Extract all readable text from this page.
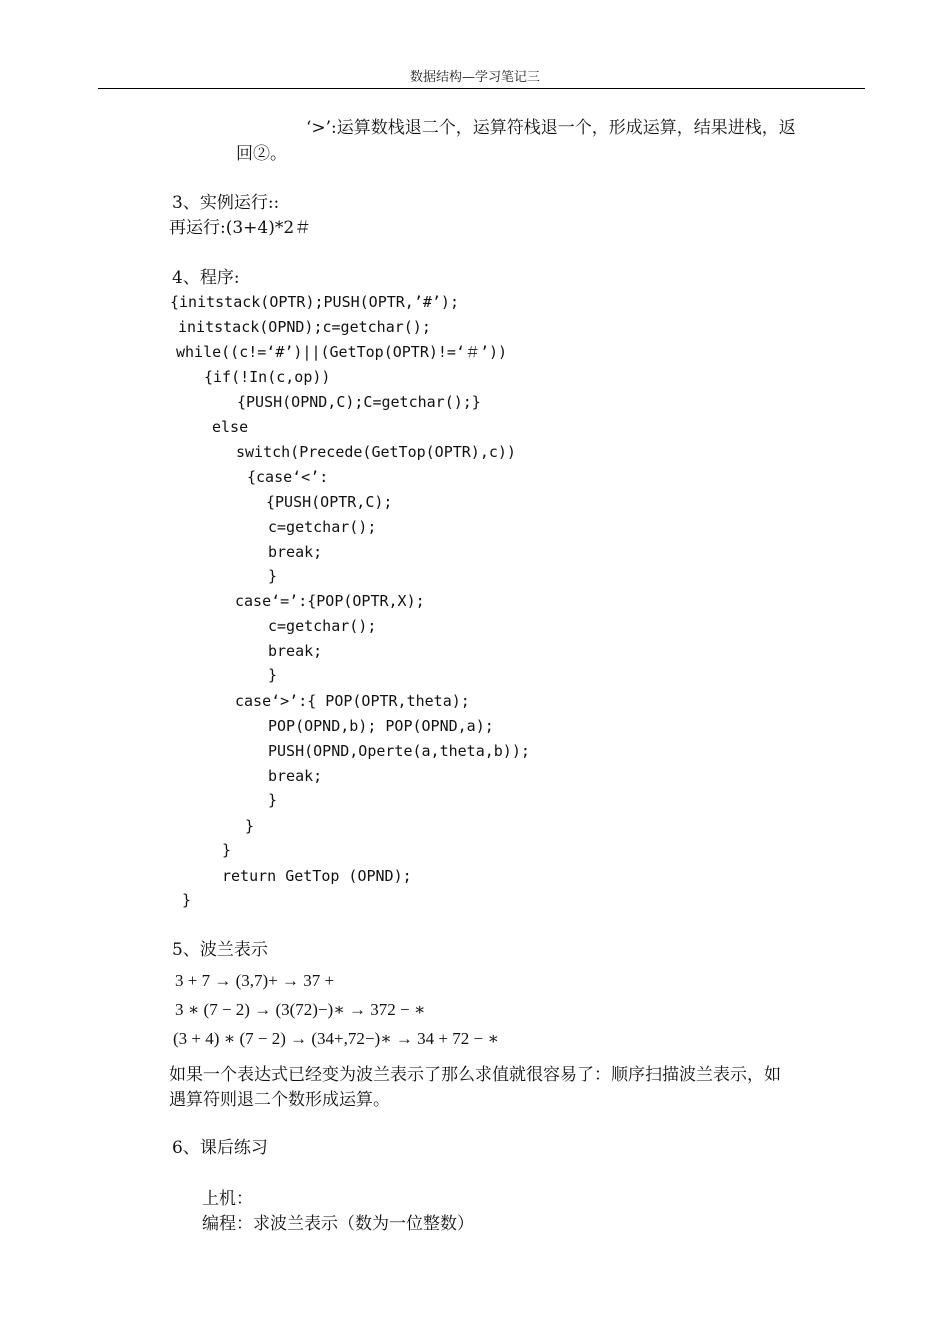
数据结构—学习笔记三
‘>’:运算数栈退二个，运算符栈退一个，形成运算，结果进栈，返
回②。
3、实例运行::
再运行:(3+4)*2＃
4、程序:
{initstack(OPTR);PUSH(OPTR,’#’);
initstack(OPND);c=getchar();
while((c!=‘#’)||(GetTop(OPTR)!=‘＃’))
{if(!In(c,op))
{PUSH(OPND,C);C=getchar();}
else
switch(Precede(GetTop(OPTR),c))
{case‘<’:
{PUSH(OPTR,C);
c=getchar();
break;
}
case‘=’:{POP(OPTR,X);
c=getchar();
break;
}
case‘>’:{ POP(OPTR,theta);
POP(OPND,b); POP(OPND,a);
PUSH(OPND,Operte(a,theta,b));
break;
}
}
}
return GetTop (OPND);
}
5、波兰表示
3 + 7 → (3,7)+ → 37 +
3 ∗ (7 − 2) → (3(72)−)∗ → 372 − ∗
(3 + 4) ∗ (7 − 2) → (34+,72−)∗ → 34 + 72 − ∗
如果一个表达式已经变为波兰表示了那么求值就很容易了：顺序扫描波兰表示，如
遇算符则退二个数形成运算。
6、课后练习
上机：
编程：求波兰表示（数为一位整数）
